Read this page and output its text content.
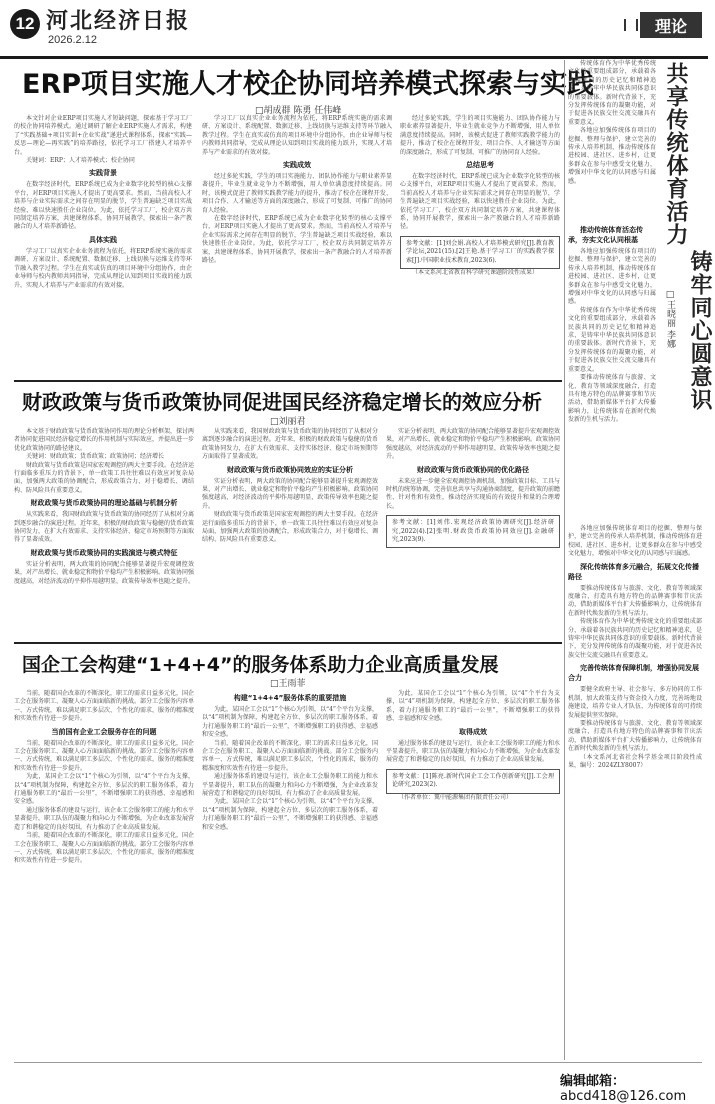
12 河北经济日报
2026.2.12
理论
ERP项目实施人才校企协同培养模式探索与实践
□胡成群 陈勇 任伟峰

本文针对企业ERP项目实施人才短缺问题，探索基于学习工厂的校企协同培养模式。通过调研了解企业ERP实施人才需求，构建了“实践基础+项目实训+企业实战”递进式课程体系，探索“实践—反思—理论—再实践”的培养路径，依托学习工厂搭建人才培养平台。

关键词：ERP；人才培养模式；校企协同

实践背景

在数字经济时代，ERP系统已成为企业数字化转型的核心支撑平台，对ERP项目实施人才提出了更高要求。然而，当前高校人才培养与企业实际需求之间存在明显的脱节，学生普遍缺乏项目实战经验，难以快速胜任企业岗位。为此，依托学习工厂，校企双方共同制定培养方案，共建课程体系，协同开展教学，探索出一条产教融合的人才培养新路径。

具体实践

学习工厂以真实企业业务流程为依托，将ERP系统实施的需求调研、方案设计、系统配置、数据迁移、上线切换与运维支持等环节融入教学过程。学生在真实或仿真的项目环境中分组协作，由企业导师与校内教师共同指导，完成从理论认知到项目实战的能力跃升，实现人才培养与产业需求的有效对接。

学习工厂以真实企业业务流程为依托，将ERP系统实施的需求调研、方案设计、系统配置、数据迁移、上线切换与运维支持等环节融入教学过程。学生在真实或仿真的项目环境中分组协作，由企业导师与校内教师共同指导，完成从理论认知到项目实战的能力跃升，实现人才培养与产业需求的有效对接。

实践成效

经过多轮实践，学生的项目实施能力、团队协作能力与职业素养显著提升，毕业生就业竞争力不断增强，用人单位满意度持续提高。同时，该模式促进了教师实践教学能力的提升，推动了校企在课程开发、项目合作、人才输送等方面的深度融合，形成了可复制、可推广的协同育人经验。

在数字经济时代，ERP系统已成为企业数字化转型的核心支撑平台，对ERP项目实施人才提出了更高要求。然而，当前高校人才培养与企业实际需求之间存在明显的脱节，学生普遍缺乏项目实战经验，难以快速胜任企业岗位。为此，依托学习工厂，校企双方共同制定培养方案，共建课程体系，协同开展教学，探索出一条产教融合的人才培养新路径。

经过多轮实践，学生的项目实施能力、团队协作能力与职业素养显著提升，毕业生就业竞争力不断增强，用人单位满意度持续提高。同时，该模式促进了教师实践教学能力的提升，推动了校企在课程开发、项目合作、人才输送等方面的深度融合，形成了可复制、可推广的协同育人经验。

总结思考

在数字经济时代，ERP系统已成为企业数字化转型的核心支撑平台，对ERP项目实施人才提出了更高要求。然而，当前高校人才培养与企业实际需求之间存在明显的脱节，学生普遍缺乏项目实战经验，难以快速胜任企业岗位。为此，依托学习工厂，校企双方共同制定培养方案，共建课程体系，协同开展教学，探索出一条产教融合的人才培养新路径。

参考文献：[1]刘会娟.高校人才培养模式研究[J].教育教学论坛,2021(15).[2]王艳.基于学习工厂的实践教学探索[J].中国职业技术教育,2023(6).

（本文系河北省教育科学研究课题阶段性成果）

财政政策与货币政策协同促进国民经济稳定增长的效应分析
□刘丽君

本文基于财政政策与货币政策协同作用的理论分析框架，探讨两者协同促进国民经济稳定增长的作用机制与实际效应，并提出进一步优化政策协同的路径建议。

关键词：财政政策；货币政策；政策协同；经济增长

财政政策与货币政策是国家宏观调控的两大主要手段。在经济运行面临多重压力的背景下，单一政策工具往往难以有效应对复杂局面，加强两大政策的协调配合，形成政策合力，对于稳增长、调结构、防风险具有重要意义。

财政政策与货币政策协同的理论基础与机制分析

从实践来看，我国财政政策与货币政策的协同经历了从相对分离到逐步融合的演进过程。近年来，积极的财政政策与稳健的货币政策协同发力，在扩大有效需求、支持实体经济、稳定市场预期等方面取得了显著成效。

财政政策与货币政策协同的实践演进与模式特征

实证分析表明，两大政策的协同配合能够显著提升宏观调控效果，对产出增长、就业稳定和物价平稳均产生积极影响。政策协同强度越高，对经济波动的平抑作用越明显，政策传导效率也随之提升。

从实践来看，我国财政政策与货币政策的协同经历了从相对分离到逐步融合的演进过程。近年来，积极的财政政策与稳健的货币政策协同发力，在扩大有效需求、支持实体经济、稳定市场预期等方面取得了显著成效。

财政政策与货币政策协同效应的实证分析

实证分析表明，两大政策的协同配合能够显著提升宏观调控效果，对产出增长、就业稳定和物价平稳均产生积极影响。政策协同强度越高，对经济波动的平抑作用越明显，政策传导效率也随之提升。

财政政策与货币政策是国家宏观调控的两大主要手段。在经济运行面临多重压力的背景下，单一政策工具往往难以有效应对复杂局面，加强两大政策的协调配合，形成政策合力，对于稳增长、调结构、防风险具有重要意义。

实证分析表明，两大政策的协同配合能够显著提升宏观调控效果，对产出增长、就业稳定和物价平稳均产生积极影响。政策协同强度越高，对经济波动的平抑作用越明显，政策传导效率也随之提升。

财政政策与货币政策协同的优化路径

未来应进一步健全宏观调控协调机制，加强政策目标、工具与时机的统筹协调，完善信息共享与沟通协商制度，提升政策的前瞻性、针对性和有效性，推动经济实现质的有效提升和量的合理增长。

参考文献：[1]刘伟.宏观经济政策协调研究[J].经济研究,2022(4).[2]张明.财政货币政策协同效应[J].金融研究,2023(9).
国企工会构建“1+4+4”的服务体系助力企业高质量发展
□王雨菲

当前，随着国企改革的不断深化，职工的需求日益多元化，国企工会在服务职工、凝聚人心方面面临新的挑战。部分工会服务内容单一、方式传统，难以满足职工多层次、个性化的需求，服务的精准度和实效性有待进一步提升。

当前国有企业工会服务存在的问题

当前，随着国企改革的不断深化，职工的需求日益多元化，国企工会在服务职工、凝聚人心方面面临新的挑战。部分工会服务内容单一、方式传统，难以满足职工多层次、个性化的需求，服务的精准度和实效性有待进一步提升。

为此，某国企工会以“1”个核心为引领，以“4”个平台为支撑，以“4”项机制为保障，构建起全方位、多层次的职工服务体系，着力打通服务职工的“最后一公里”，不断增强职工的获得感、幸福感和安全感。

通过服务体系的建设与运行，该企业工会服务职工的能力和水平显著提升，职工队伍的凝聚力和向心力不断增强，为企业改革发展营造了和谐稳定的良好氛围，有力推动了企业高质量发展。

当前，随着国企改革的不断深化，职工的需求日益多元化，国企工会在服务职工、凝聚人心方面面临新的挑战。部分工会服务内容单一、方式传统，难以满足职工多层次、个性化的需求，服务的精准度和实效性有待进一步提升。

构建“1+4+4”服务体系的重要措施

为此，某国企工会以“1”个核心为引领，以“4”个平台为支撑，以“4”项机制为保障，构建起全方位、多层次的职工服务体系，着力打通服务职工的“最后一公里”，不断增强职工的获得感、幸福感和安全感。

当前，随着国企改革的不断深化，职工的需求日益多元化，国企工会在服务职工、凝聚人心方面面临新的挑战。部分工会服务内容单一、方式传统，难以满足职工多层次、个性化的需求，服务的精准度和实效性有待进一步提升。

通过服务体系的建设与运行，该企业工会服务职工的能力和水平显著提升，职工队伍的凝聚力和向心力不断增强，为企业改革发展营造了和谐稳定的良好氛围，有力推动了企业高质量发展。

为此，某国企工会以“1”个核心为引领，以“4”个平台为支撑，以“4”项机制为保障，构建起全方位、多层次的职工服务体系，着力打通服务职工的“最后一公里”，不断增强职工的获得感、幸福感和安全感。

为此，某国企工会以“1”个核心为引领，以“4”个平台为支撑，以“4”项机制为保障，构建起全方位、多层次的职工服务体系，着力打通服务职工的“最后一公里”，不断增强职工的获得感、幸福感和安全感。

取得成效

通过服务体系的建设与运行，该企业工会服务职工的能力和水平显著提升，职工队伍的凝聚力和向心力不断增强，为企业改革发展营造了和谐稳定的良好氛围，有力推动了企业高质量发展。

参考文献：[1]陈亮.新时代国企工会工作创新研究[J].工会理论研究,2023(2).

（作者单位：冀中能源集团有限责任公司）

传统体育作为中华优秀传统文化的重要组成部分，承载着各民族共同的历史记忆和精神追求，是铸牢中华民族共同体意识的重要载体。新时代背景下，充分发挥传统体育的凝聚功能，对于促进各民族交往交流交融具有重要意义。

各地应加强传统体育项目的挖掘、整理与保护，建立完善的传承人培养机制，推动传统体育进校园、进社区、进乡村，让更多群众在参与中感受文化魅力，增强对中华文化的认同感与归属感。	共享传统体育活力
铸牢同心圆意识
□王晓丽 李娜
推动传统体育活态传承，夯实文化认同根基

各地应加强传统体育项目的挖掘、整理与保护，建立完善的传承人培养机制，推动传统体育进校园、进社区、进乡村，让更多群众在参与中感受文化魅力，增强对中华文化的认同感与归属感。

传统体育作为中华优秀传统文化的重要组成部分，承载着各民族共同的历史记忆和精神追求，是铸牢中华民族共同体意识的重要载体。新时代背景下，充分发挥传统体育的凝聚功能，对于促进各民族交往交流交融具有重要意义。

要推动传统体育与旅游、文化、教育等领域深度融合，打造具有地方特色的品牌赛事和节庆活动，借助新媒体平台扩大传播影响力，让传统体育在新时代焕发新的生机与活力。

各地应加强传统体育项目的挖掘、整理与保护，建立完善的传承人培养机制，推动传统体育进校园、进社区、进乡村，让更多群众在参与中感受文化魅力，增强对中华文化的认同感与归属感。

深化传统体育多元融合，拓展文化传播路径

要推动传统体育与旅游、文化、教育等领域深度融合，打造具有地方特色的品牌赛事和节庆活动，借助新媒体平台扩大传播影响力，让传统体育在新时代焕发新的生机与活力。

传统体育作为中华优秀传统文化的重要组成部分，承载着各民族共同的历史记忆和精神追求，是铸牢中华民族共同体意识的重要载体。新时代背景下，充分发挥传统体育的凝聚功能，对于促进各民族交往交流交融具有重要意义。

完善传统体育保障机制，增强协同发展合力

要健全政府主导、社会参与、多方协同的工作机制，加大政策支持与资金投入力度，完善场地设施建设，培养专业人才队伍，为传统体育的可持续发展提供坚实保障。

要推动传统体育与旅游、文化、教育等领域深度融合，打造具有地方特色的品牌赛事和节庆活动，借助新媒体平台扩大传播影响力，让传统体育在新时代焕发新的生机与活力。

（本文系河北省社会科学基金项目阶段性成果，编号：2024ZLY8007）

编辑邮箱：abcd418@126.com
